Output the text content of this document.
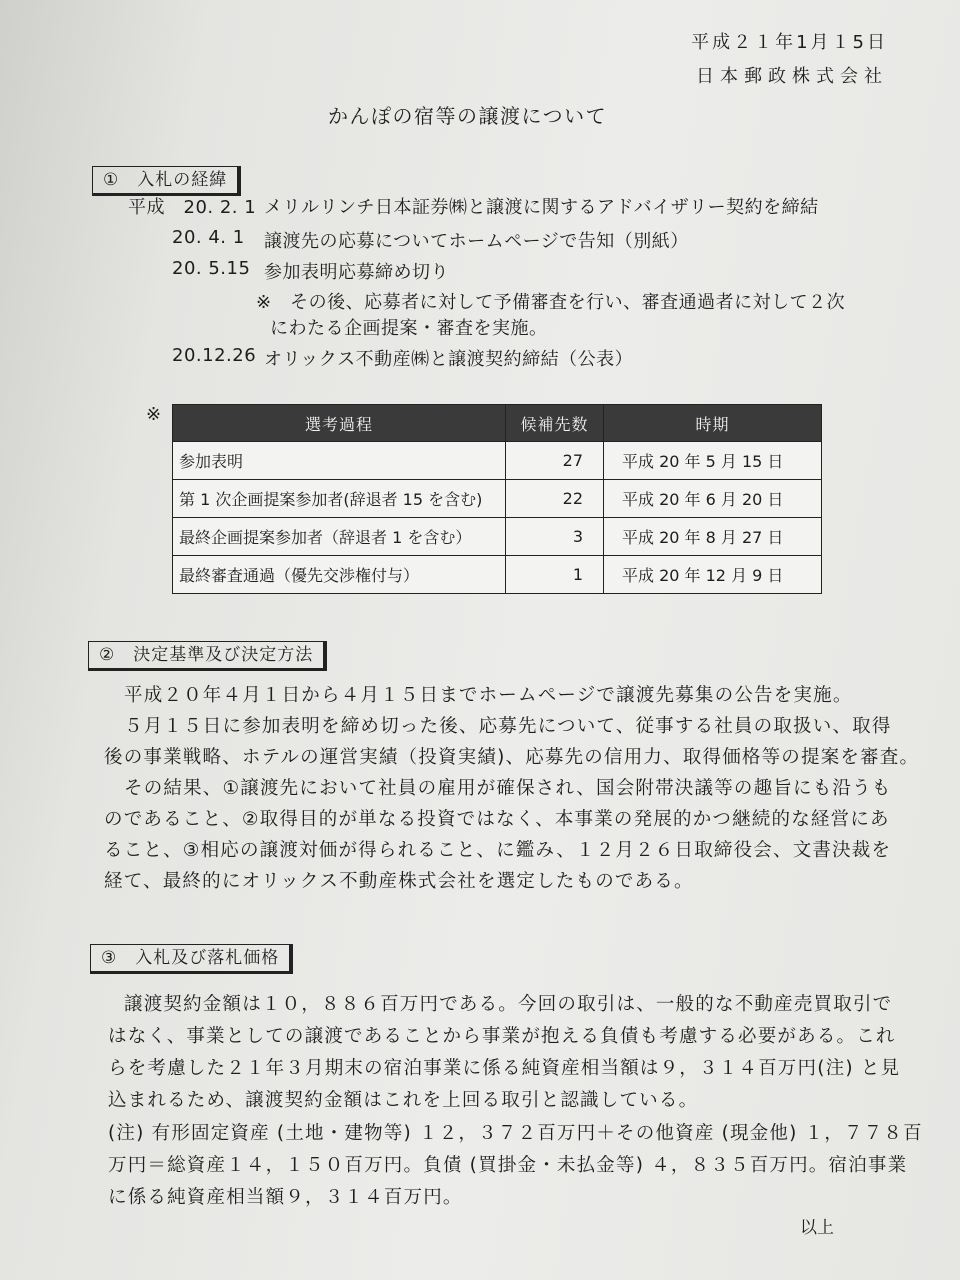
平成２１年1月１5日
日本郵政株式会社
かんぽの宿等の譲渡について
①　入札の経緯
平成　20. 2. 1 メリルリンチ日本証券㈱と譲渡に関するアドバイザリー契約を締結
20. 4. 1 譲渡先の応募についてホームページで告知（別紙）
20. 5.15 参加表明応募締め切り
※　その後、応募者に対して予備審査を行い、審査通過者に対して２次
にわたる企画提案・審査を実施。
20.12.26 オリックス不動産㈱と譲渡契約締結（公表）
※	選考過程	候補先数	時期
参加表明	27	平成 20 年 5 月 15 日
第 1 次企画提案参加者(辞退者 15 を含む)	22	平成 20 年 6 月 20 日
最終企画提案参加者（辞退者 1 を含む）	3	平成 20 年 8 月 27 日
最終審査通過（優先交渉権付与）	1	平成 20 年 12 月 9 日
②　決定基準及び決定方法
平成２０年４月１日から４月１５日までホームページで譲渡先募集の公告を実施。
５月１５日に参加表明を締め切った後、応募先について、従事する社員の取扱い、取得
後の事業戦略、ホテルの運営実績（投資実績)、応募先の信用力、取得価格等の提案を審査。
その結果、①譲渡先において社員の雇用が確保され、国会附帯決議等の趣旨にも沿うも
のであること、②取得目的が単なる投資ではなく、本事業の発展的かつ継続的な経営にあ
ること、③相応の譲渡対価が得られること、に鑑み、１２月２６日取締役会、文書決裁を
経て、最終的にオリックス不動産株式会社を選定したものである。
③　入札及び落札価格
譲渡契約金額は１０，８８６百万円である。今回の取引は、一般的な不動産売買取引で
はなく、事業としての譲渡であることから事業が抱える負債も考慮する必要がある。これ
らを考慮した２１年３月期末の宿泊事業に係る純資産相当額は９，３１４百万円(注) と見
込まれるため、譲渡契約金額はこれを上回る取引と認識している。
(注) 有形固定資産 (土地・建物等) １２，３７２百万円＋その他資産 (現金他) １，７７８百
万円＝総資産１４，１５０百万円。負債 (買掛金・未払金等) ４，８３５百万円。宿泊事業
に係る純資産相当額９，３１４百万円。
以上
